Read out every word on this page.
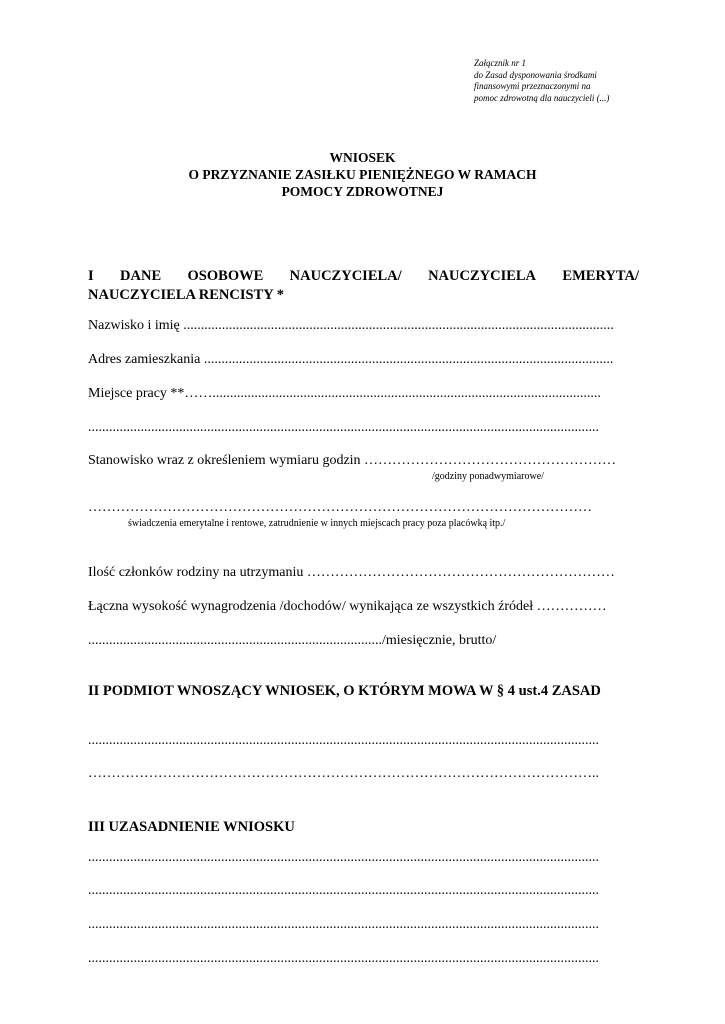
Załącznik nr 1
do Zasad dysponowania środkami
finansowymi przeznaczonymi na
pomoc zdrowotną dla nauczycieli (...)
WNIOSEK
O PRZYZNANIE ZASIŁKU PIENIĘŻNEGO W RAMACH
POMOCY ZDROWOTNEJ
I DANE OSOBOWE NAUCZYCIELA/ NAUCZYCIELA EMERYTA/
NAUCZYCIELA RENCISTY *
Nazwisko i imię ...........................................................................................................................
Adres zamieszkania .....................................................................................................................
Miejsce pracy **……...............................................................................................................
..................................................................................................................................................
Stanowisko wraz z określeniem wymiaru godzin ………………………………………………
/godziny ponadwymiarowe/
………………………………………………………………………………………………
świadczenia emerytalne i rentowe, zatrudnienie w innych miejscach pracy poza placówką itp./
Ilość członków rodziny na utrzymaniu …………………………………………………………
Łączna wysokość wynagrodzenia /dochodów/ wynikająca ze wszystkich źródeł ……………
..................................................................................../miesięcznie, brutto/
II PODMIOT WNOSZĄCY WNIOSEK, O KTÓRYM MOWA W § 4 ust.4 ZASAD
..................................................................................................................................................
………………………………………………………………………………………………..
III UZASADNIENIE WNIOSKU
..................................................................................................................................................
..................................................................................................................................................
..................................................................................................................................................
..................................................................................................................................................
